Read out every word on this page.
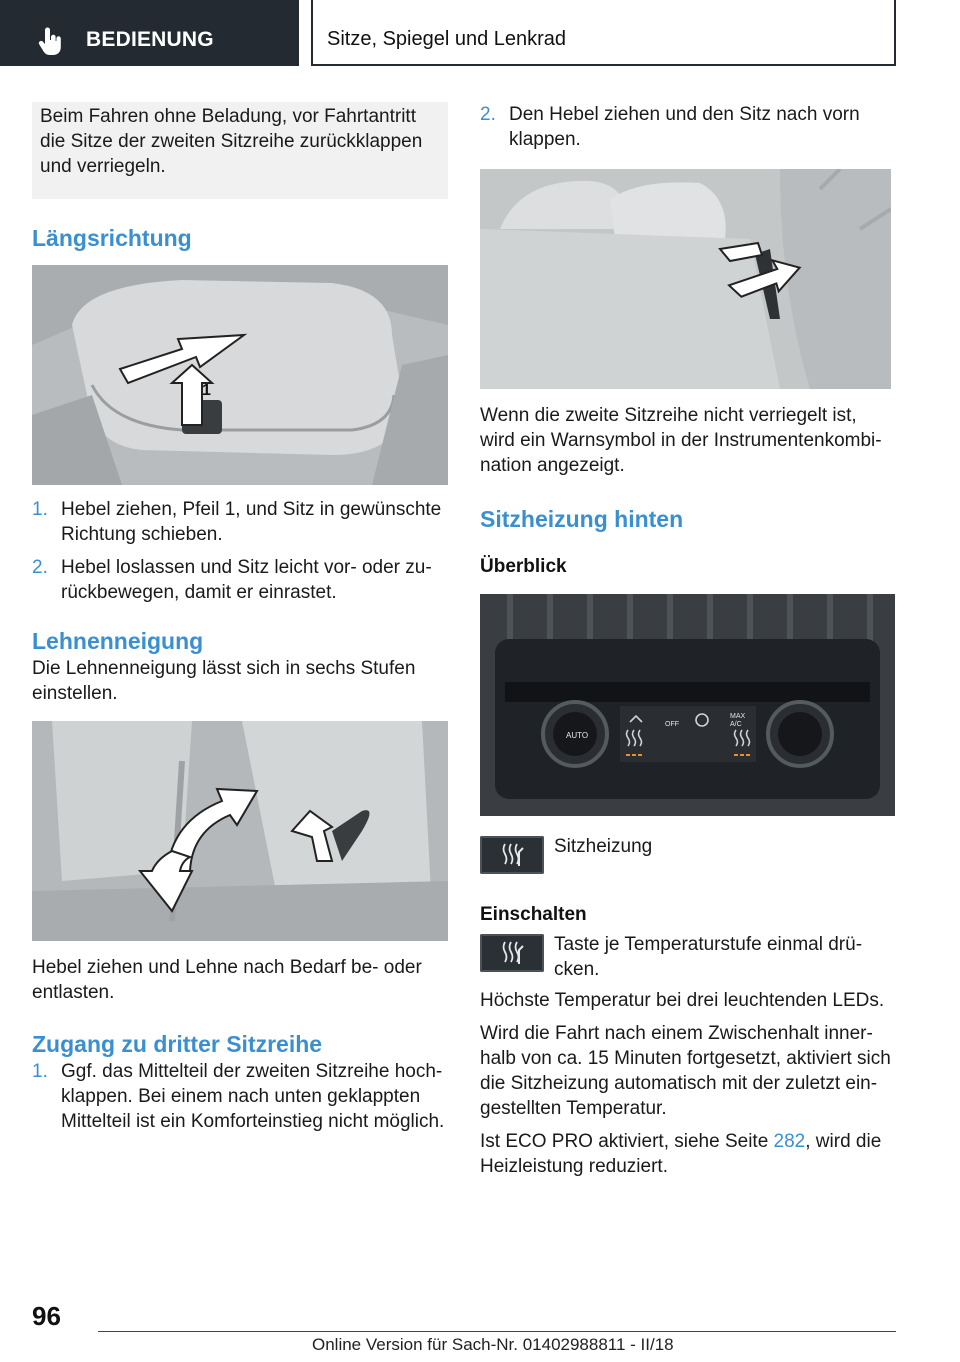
BEDIENUNG	Sitze, Spiegel und Lenkrad

Beim Fahren ohne Beladung, vor Fahrtantritt die Sitze der zweiten Sitzreihe zurückklappen und verriegeln.

Längsrichtung
1
1. Hebel ziehen, Pfeil 1, und Sitz in gewünschte Richtung schieben.
2. Hebel loslassen und Sitz leicht vor- oder zurückbewegen, damit er einrastet.
Lehnenneigung

Die Lehnenneigung lässt sich in sechs Stufen einstellen.

Hebel ziehen und Lehne nach Bedarf be- oder entlasten.

Zugang zu dritter Sitzreihe
1. Ggf. das Mittelteil der zweiten Sitzreihe hochklappen. Bei einem nach unten geklappten Mittelteil ist ein Komforteinstieg nicht möglich.
2. Den Hebel ziehen und den Sitz nach vorn klappen.

Wenn die zweite Sitzreihe nicht verriegelt ist, wird ein Warnsymbol in der Instrumentenkombination angezeigt.

Sitzheizung hinten
Überblick
AUTO
OFF
MAX
A/C
Sitzheizung
Einschalten
Taste je Temperaturstufe einmal drücken.

Höchste Temperatur bei drei leuchtenden LEDs.

Wird die Fahrt nach einem Zwischenhalt innerhalb von ca. 15 Minuten fortgesetzt, aktiviert sich die Sitzheizung automatisch mit der zuletzt eingestellten Temperatur.

Ist ECO PRO aktiviert, siehe Seite 282, wird die Heizleistung reduziert.

96
Online Version für Sach-Nr. 01402988811 - II/18
